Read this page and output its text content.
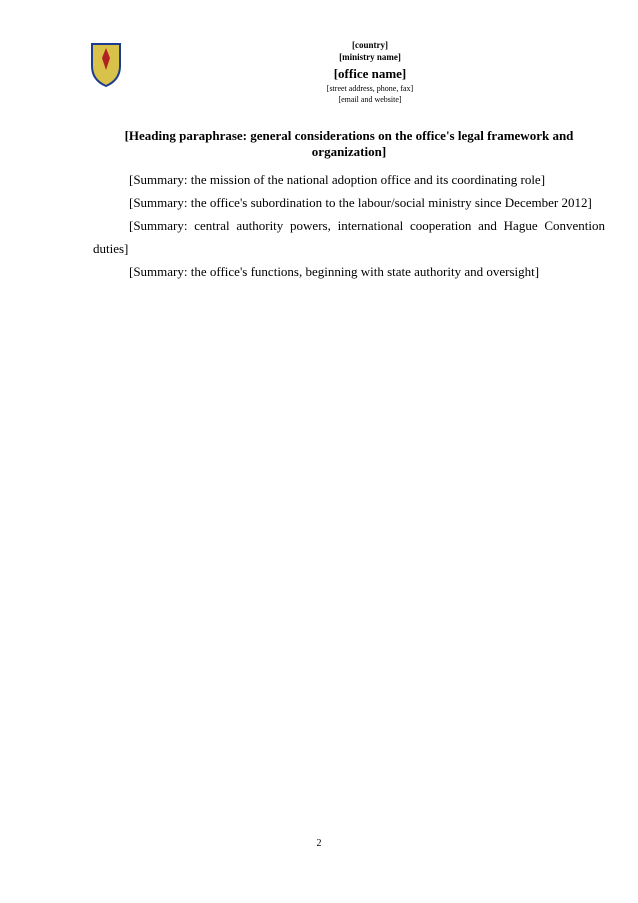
[country]
[ministry name]
[office name]
[street address, phone, fax]
[email and website]
[Heading paraphrase: general considerations on the office's legal framework and organization]

[Summary: the mission of the national adoption office and its coordinating role]

[Summary: the office's subordination to the labour/social ministry since December 2012]

[Summary: central authority powers, international cooperation and Hague Convention duties]

[Summary: the office's functions, beginning with state authority and oversight]

2
